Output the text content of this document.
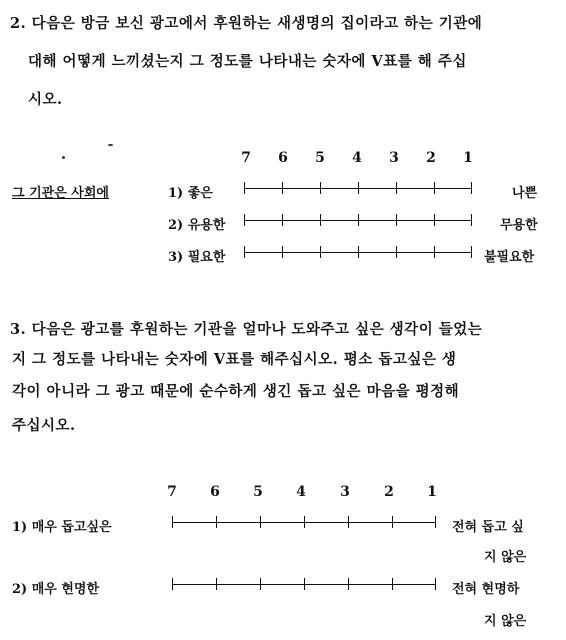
2. 다음은 방금 보신 광고에서 후원하는 새생명의 집이라고 하는 기관에
대해 어떻게 느끼셨는지 그 정도를 나타내는 숫자에 V표를 해 주십
시오.
7 6 5 4 3 2 1
그 기관은 사회에	1) 좋은	나쁜
2) 유용한	무용한
3) 필요한	불필요한
3. 다음은 광고를 후원하는 기관을 얼마나 도와주고 싶은 생각이 들었는
지 그 정도를 나타내는 숫자에 V표를 해주십시오. 평소 돕고싶은 생
각이 아니라 그 광고 때문에 순수하게 생긴 돕고 싶은 마음을 평정해
주십시오.
7 6 5 4 3 2 1
1) 매우 돕고싶은	전혀 돕고 싶
지 않은
2) 매우 현명한	전혀 현명하
지 않은
